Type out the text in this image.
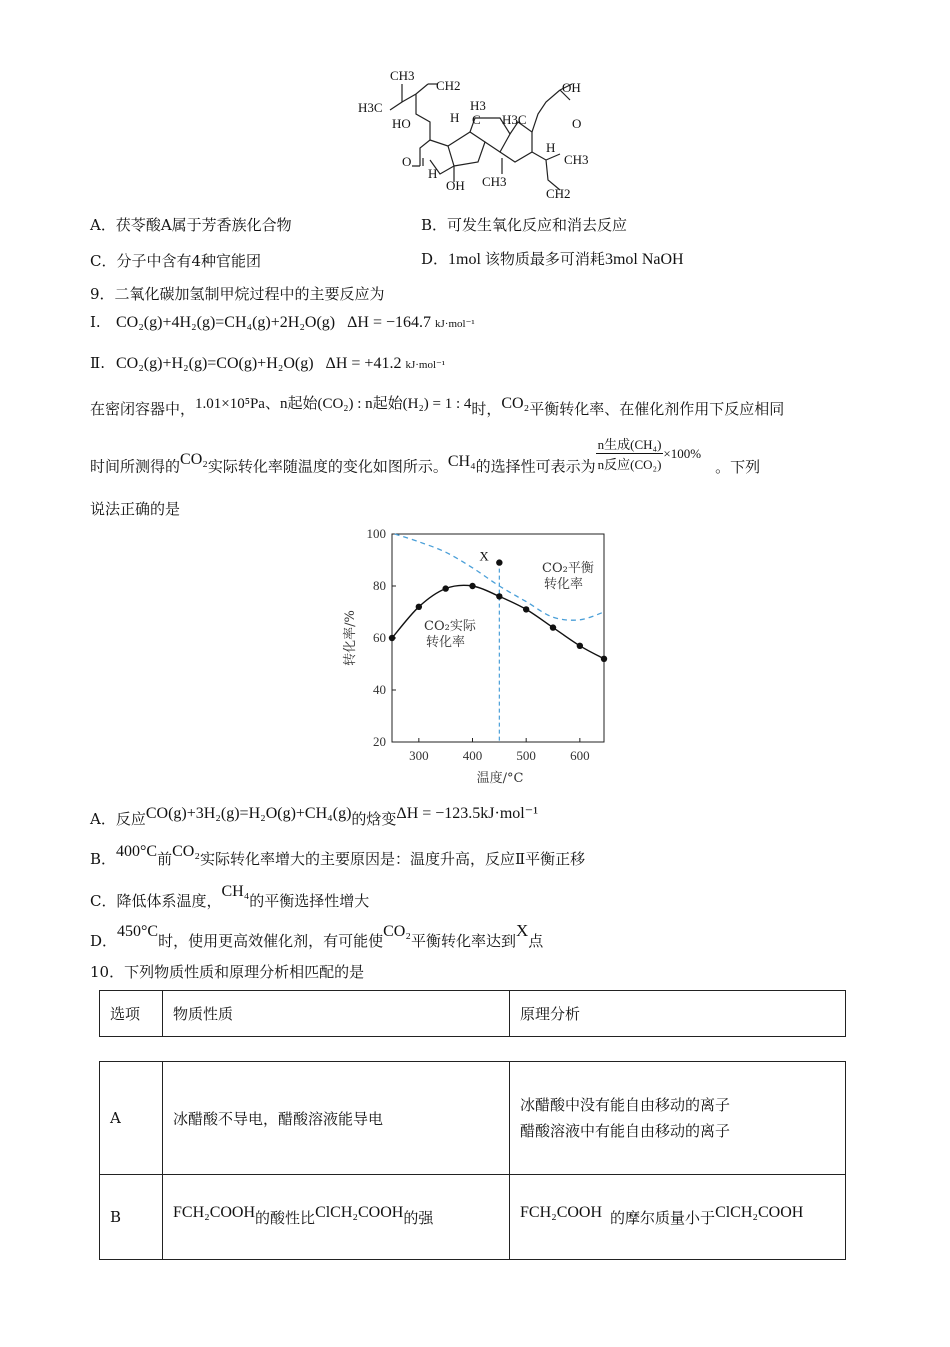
CH3
H3C
CH2	OH
HO	H
H3
C H3C
O
O
H
OH CH3
H
CH3
CH2
A．茯苓酸A属于芳香族化合物	B．可发生氧化反应和消去反应
C．分子中含有4种官能团	D．1mol 该物质最多可消耗3mol NaOH
9．二氧化碳加氢制甲烷过程中的主要反应为
Ⅰ. CO₂(g)+4H₂(g)=CH₄(g)+2H₂O(g)   ΔH = −164.7 kJ·mol⁻¹
Ⅱ. CO₂(g)+H₂(g)=CO(g)+H₂O(g)   ΔH = +41.2 kJ·mol⁻¹
在密闭容器中，1.01×10⁵Pa、n起始(CO₂) : n起始(H₂) = 1 : 4时，CO₂平衡转化率、在催化剂作用下反应相同
时间所测得的CO₂实际转化率随温度的变化如图所示。CH₄的选择性可表示为 $\frac{\text{n生成(CH₄)}}{\text{n反应(CO₂)}} \times 100\%$。下列
说法正确的是
300	400	500	600
20
40
60
80
100
转化率/%
温度/°C
CO₂平衡
转化率
CO₂实际
转化率
X
A．反应CO(g)+3H₂(g)=H₂O(g)+CH₄(g)的焓变ΔH = −123.5kJ·mol⁻¹
B．400°C前CO₂实际转化率增大的主要原因是：温度升高，反应Ⅱ平衡正移
C．降低体系温度，CH₄的平衡选择性增大
D．450°C时，使用更高效催化剂，有可能使CO₂平衡转化率达到X点
10．下列物质性质和原理分析相匹配的是
选项	物质性质	原理分析
A	冰醋酸不导电，醋酸溶液能导电	冰醋酸中没有能自由移动的离子
醋酸溶液中有能自由移动的离子

B	FCH₂COOH的酸性比ClCH₂COOH的强	FCH₂COOH 的摩尔质量小于ClCH₂COOH
